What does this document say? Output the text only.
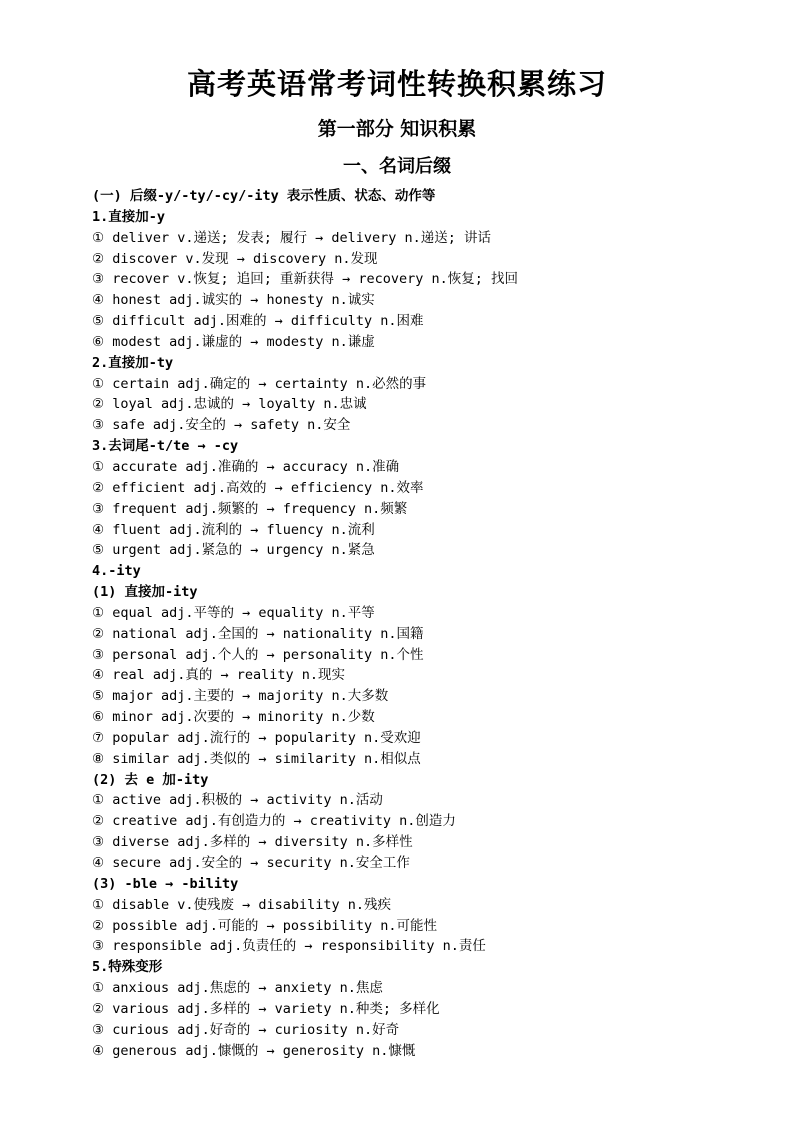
高考英语常考词性转换积累练习
第一部分 知识积累
一、名词后缀
(一) 后缀-y/-ty/-cy/-ity 表示性质、状态、动作等
1.直接加-y
① deliver v.递送; 发表; 履行 → delivery n.递送; 讲话
② discover v.发现 → discovery n.发现
③ recover v.恢复; 追回; 重新获得 → recovery n.恢复; 找回
④ honest adj.诚实的 → honesty n.诚实
⑤ difficult adj.困难的 → difficulty n.困难
⑥ modest adj.谦虚的 → modesty n.谦虚
2.直接加-ty
① certain adj.确定的 → certainty n.必然的事
② loyal adj.忠诚的 → loyalty n.忠诚
③ safe adj.安全的 → safety n.安全
3.去词尾-t/te → -cy
① accurate adj.准确的 → accuracy n.准确
② efficient adj.高效的 → efficiency n.效率
③ frequent adj.频繁的 → frequency n.频繁
④ fluent adj.流利的 → fluency n.流利
⑤ urgent adj.紧急的 → urgency n.紧急
4.-ity
(1) 直接加-ity
① equal adj.平等的 → equality n.平等
② national adj.全国的 → nationality n.国籍
③ personal adj.个人的 → personality n.个性
④ real adj.真的 → reality n.现实
⑤ major adj.主要的 → majority n.大多数
⑥ minor adj.次要的 → minority n.少数
⑦ popular adj.流行的 → popularity n.受欢迎
⑧ similar adj.类似的 → similarity n.相似点
(2) 去 e 加-ity
① active adj.积极的 → activity n.活动
② creative adj.有创造力的 → creativity n.创造力
③ diverse adj.多样的 → diversity n.多样性
④ secure adj.安全的 → security n.安全工作
(3) -ble → -bility
① disable v.使残废 → disability n.残疾
② possible adj.可能的 → possibility n.可能性
③ responsible adj.负责任的 → responsibility n.责任
5.特殊变形
① anxious adj.焦虑的 → anxiety n.焦虑
② various adj.多样的 → variety n.种类; 多样化
③ curious adj.好奇的 → curiosity n.好奇
④ generous adj.慷慨的 → generosity n.慷慨
